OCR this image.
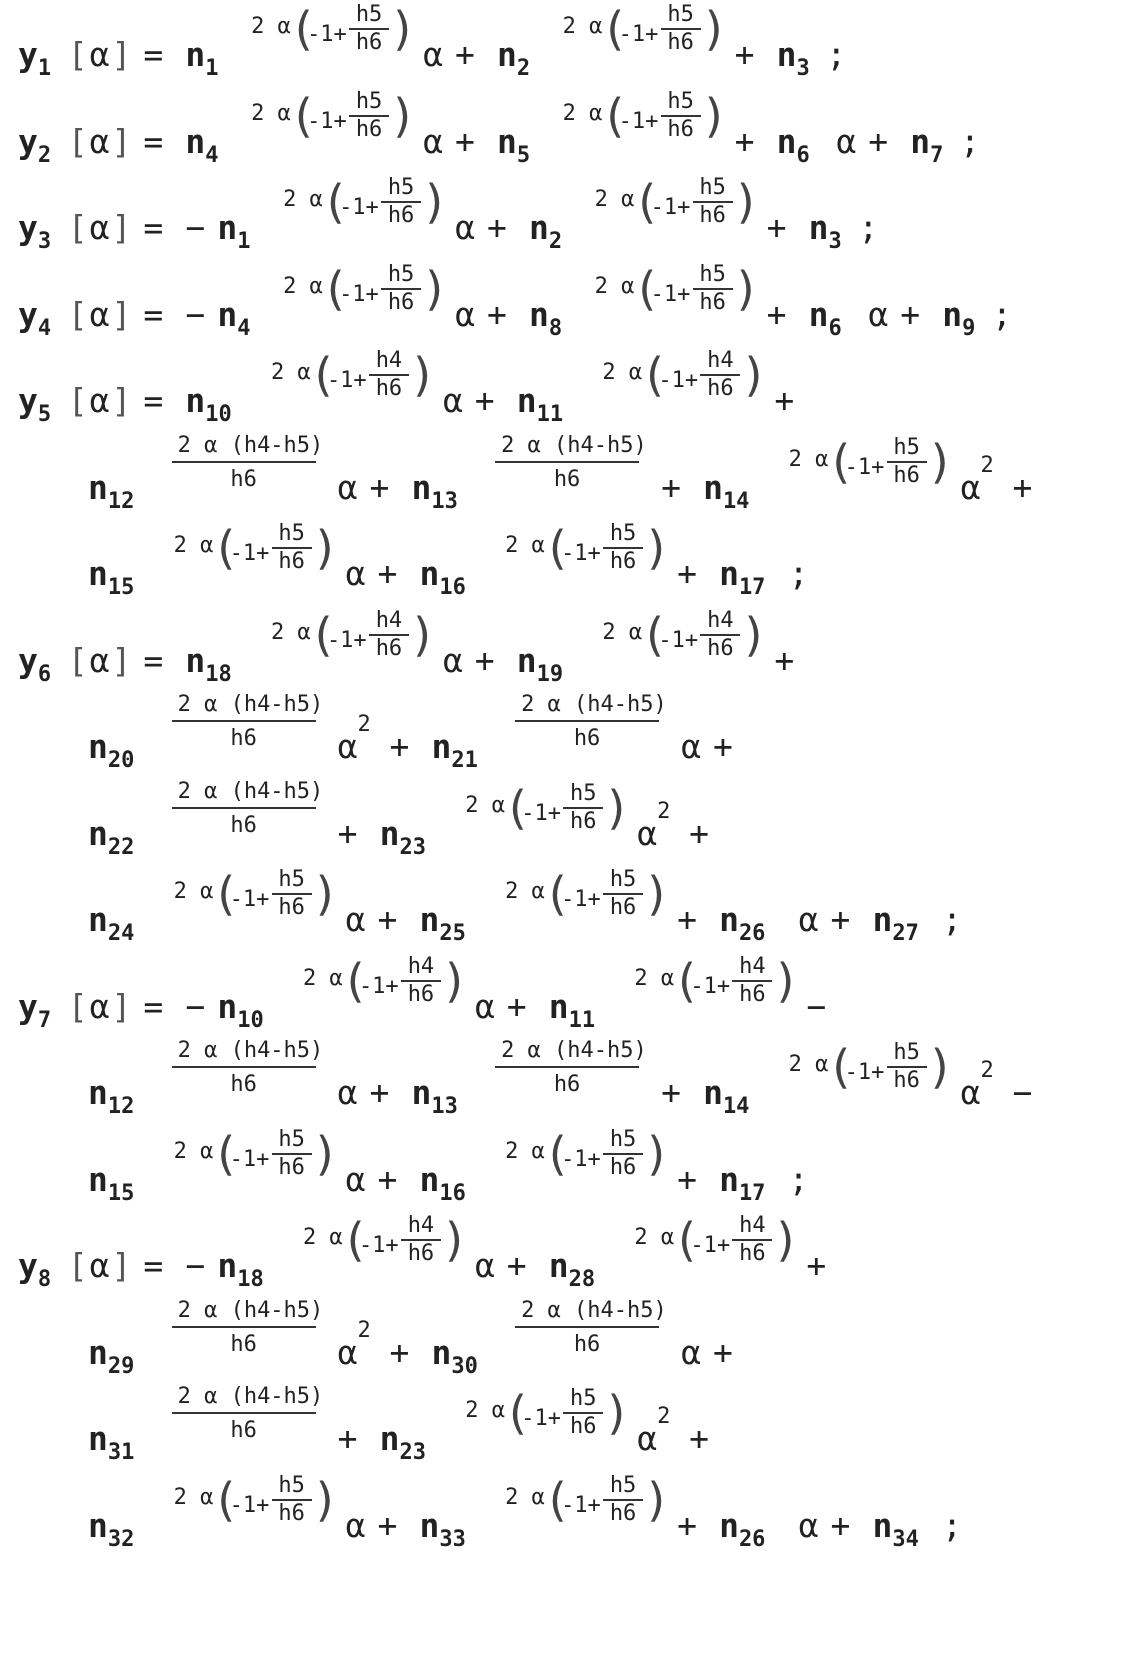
$y_1$ [ α ] = $n_1$
2 α
(
$-1+ \frac{h5}{h6}$ ) $\alpha + n_2$
2 α
(
$-1+ \frac{h5}{h6}$ ) + $n_3$ ;
$y_2$ [ α ] = $n_4$
2 α
(
$-1+ \frac{h5}{h6}$ ) $\alpha + n_5$
2 α
(
$-1+ \frac{h5}{h6}$ ) + $n_6$ $\alpha + n_7$ ;
$y_3$ [ α ] = − $n_1$
2 α
(
$-1+ \frac{h5}{h6}$ ) $\alpha + n_2$
2 α
(
$-1+ \frac{h5}{h6}$ ) + $n_3$ ;
$y_4$ [ α ] = − $n_4$
2 α
(
$-1+ \frac{h5}{h6}$ ) $\alpha + n_8$
2 α
(
$-1+ \frac{h5}{h6}$ ) + $n_6$ $\alpha + n_9$ ;
$y_5$ [ α ] = $n_{10}$
2 α
(
$-1+ \frac{h4}{h6}$ ) $\alpha + n_{11}$
2 α
(
$-1+ \frac{h4}{h6}$ ) +
$n_{12}$
$\frac{2 \alpha (h4-h5)}{h6}$ $\alpha + n_{13}$
$\frac{2 \alpha (h4-h5)}{h6} + n_{14}$
2 α
(
$-1+ \frac{h5}{h6}$ ) α
2
+
$n_{15}$
2 α
(
$-1+ \frac{h5}{h6}$ ) $\alpha + n_{16}$
2 α
(
$-1+ \frac{h5}{h6}$ ) + $n_{17}$ ;
$y_6$ [ α ] = $n_{18}$
2 α
(
$-1+ \frac{h4}{h6}$ ) $\alpha + n_{19}$
2 α
(
$-1+ \frac{h4}{h6}$ ) +
$n_{20}$
$\frac{2 \alpha (h4-h5)}{h6}$ α
2
+ $n_{21}$
$\frac{2 \alpha (h4-h5)}{h6}$ α +
$n_{22}$
$\frac{2 \alpha (h4-h5)}{h6} + n_{23}$
2 α
(
$-1+ \frac{h5}{h6}$ ) α
2
+
$n_{24}$
2 α
(
$-1+ \frac{h5}{h6}$ ) $\alpha + n_{25}$
2 α
(
$-1+ \frac{h5}{h6}$ ) + $n_{26}$ $\alpha + n_{27}$ ;
$y_7$ [ α ] = − $n_{10}$
2 α
(
$-1+ \frac{h4}{h6}$ ) $\alpha + n_{11}$
2 α
(
$-1+ \frac{h4}{h6}$ ) −
$n_{12}$
$\frac{2 \alpha (h4-h5)}{h6}$ $\alpha + n_{13}$
$\frac{2 \alpha (h4-h5)}{h6} + n_{14}$
2 α
(
$-1+ \frac{h5}{h6}$ ) α
2
−
$n_{15}$
2 α
(
$-1+ \frac{h5}{h6}$ ) $\alpha + n_{16}$
2 α
(
$-1+ \frac{h5}{h6}$ ) + $n_{17}$ ;
$y_8$ [ α ] = − $n_{18}$
2 α
(
$-1+ \frac{h4}{h6}$ ) $\alpha + n_{28}$
2 α
(
$-1+ \frac{h4}{h6}$ ) +
$n_{29}$
$\frac{2 \alpha (h4-h5)}{h6}$ α
2
+ $n_{30}$
$\frac{2 \alpha (h4-h5)}{h6}$ α +
$n_{31}$
$\frac{2 \alpha (h4-h5)}{h6} + n_{23}$
2 α
(
$-1+ \frac{h5}{h6}$ ) α
2
+
$n_{32}$
2 α
(
$-1+ \frac{h5}{h6}$ ) $\alpha + n_{33}$
2 α
(
$-1+ \frac{h5}{h6}$ ) + $n_{26}$ $\alpha + n_{34}$ ;
